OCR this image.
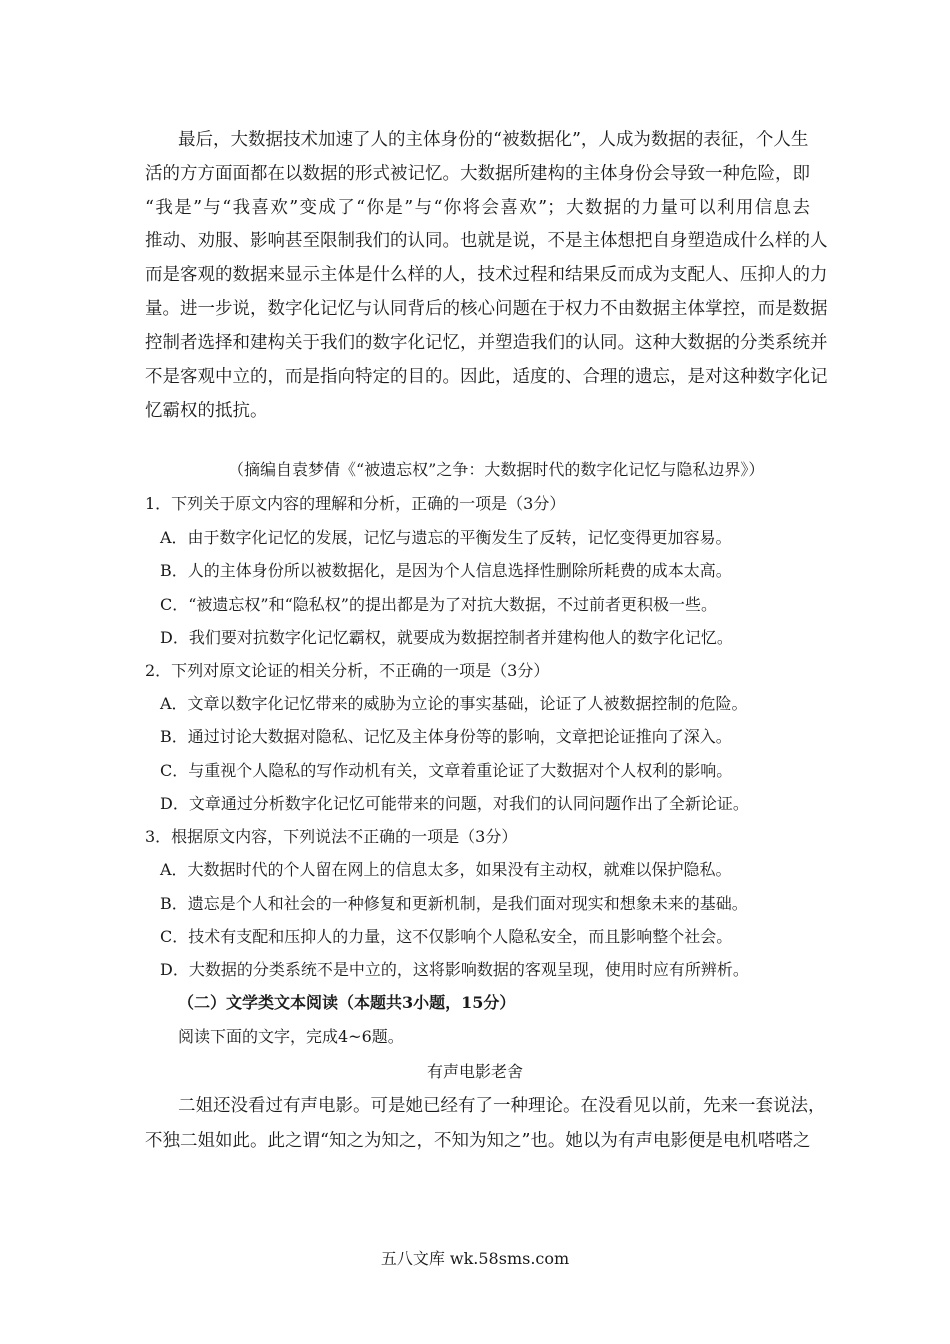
最后，大数据技术加速了人的主体身份的“被数据化”，人成为数据的表征，个人生
活的方方面面都在以数据的形式被记忆。大数据所建构的主体身份会导致一种危险，即
“我是”与“我喜欢”变成了“你是”与“你将会喜欢”；大数据的力量可以利用信息去
推动、劝服、影响甚至限制我们的认同。也就是说，不是主体想把自身塑造成什么样的人
而是客观的数据来显示主体是什么样的人，技术过程和结果反而成为支配人、压抑人的力
量。进一步说，数字化记忆与认同背后的核心问题在于权力不由数据主体掌控，而是数据
控制者选择和建构关于我们的数字化记忆，并塑造我们的认同。这种大数据的分类系统并
不是客观中立的，而是指向特定的目的。因此，适度的、合理的遗忘，是对这种数字化记
忆霸权的抵抗。
（摘编自袁梦倩《“被遗忘权”之争：大数据时代的数字化记忆与隐私边界》）
1．下列关于原文内容的理解和分析，正确的一项是（3分）
A．由于数字化记忆的发展，记忆与遗忘的平衡发生了反转，记忆变得更加容易。
B．人的主体身份所以被数据化，是因为个人信息选择性删除所耗费的成本太高。
C．“被遗忘权”和“隐私权”的提出都是为了对抗大数据，不过前者更积极一些。
D．我们要对抗数字化记忆霸权，就要成为数据控制者并建构他人的数字化记忆。
2．下列对原文论证的相关分析，不正确的一项是（3分）
A．文章以数字化记忆带来的威胁为立论的事实基础，论证了人被数据控制的危险。
B．通过讨论大数据对隐私、记忆及主体身份等的影响，文章把论证推向了深入。
C．与重视个人隐私的写作动机有关，文章着重论证了大数据对个人权利的影响。
D．文章通过分析数字化记忆可能带来的问题，对我们的认同问题作出了全新论证。
3．根据原文内容，下列说法不正确的一项是（3分）
A．大数据时代的个人留在网上的信息太多，如果没有主动权，就难以保护隐私。
B．遗忘是个人和社会的一种修复和更新机制，是我们面对现实和想象未来的基础。
C．技术有支配和压抑人的力量，这不仅影响个人隐私安全，而且影响整个社会。
D．大数据的分类系统不是中立的，这将影响数据的客观呈现，使用时应有所辨析。
（二）文学类文本阅读（本题共3小题，15分）
阅读下面的文字，完成4~6题。
有声电影老舍
二姐还没看过有声电影。可是她已经有了一种理论。在没看见以前，先来一套说法，
不独二姐如此。此之谓“知之为知之，不知为知之”也。她以为有声电影便是电机嗒嗒之
五八文库 wk.58sms.com
